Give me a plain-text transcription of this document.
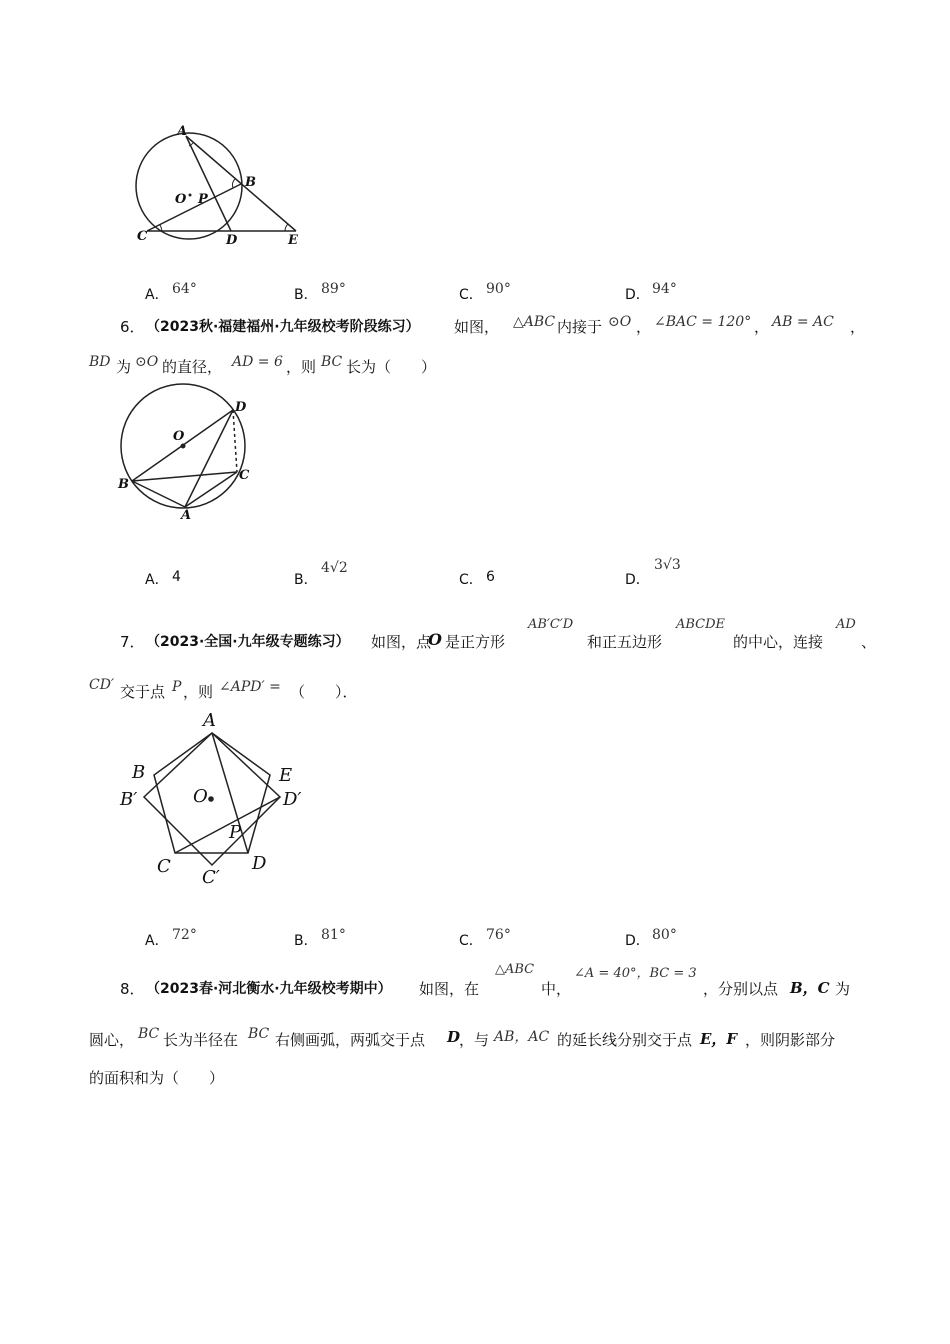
A
B
O P
C	D	E
A． 64°	B． 89°	C． 90°	D． 94°
6． （2023秋·福建福州·九年级校考阶段练习） 如图， △ABC 内接于 ⊙O ， ∠BAC = 120° ， AB = AC ，
BD 为 ⊙O 的直径， AD = 6 ，则 BC 长为（　　）
O
D
C
B
A
A． 4	B．
4√2
C． 6	D．
3√3
7． （2023·全国·九年级专题练习） 如图，点
O 是正方形
AB′C′D
和正五边形
ABCDE
的中心，连接
AD
、
CD′ 交于点 P ，则 ∠APD′ = （　　）．
A
B	E
B′	O	D′
P
C	D
C′
A． 72°	B． 81°	C． 76°	D． 80°
8． （2023春·河北衡水·九年级校考期中） 如图，在
△ABC
中，
∠A = 40°，BC = 3
，分别以点 B，C 为
圆心， BC 长为半径在 BC 右侧画弧，两弧交于点 D
，与 AB，AC 的延长线分别交于点 E，F ，则阴影部分
的面积和为（　　）
